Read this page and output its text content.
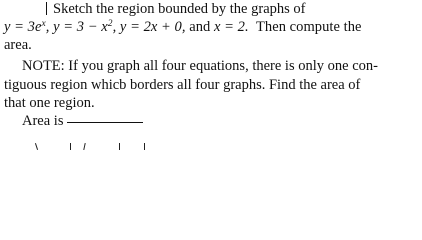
Sketch the region bounded by the graphs of
$y = 3e^x$, $y = 3 - x^2$, y = 2x + 0, and x = 2. Then compute the
area.
NOTE: If you graph all four equations, there is only one con-
tiguous region whicb borders all four graphs. Find the area of
that one region.
Area is
